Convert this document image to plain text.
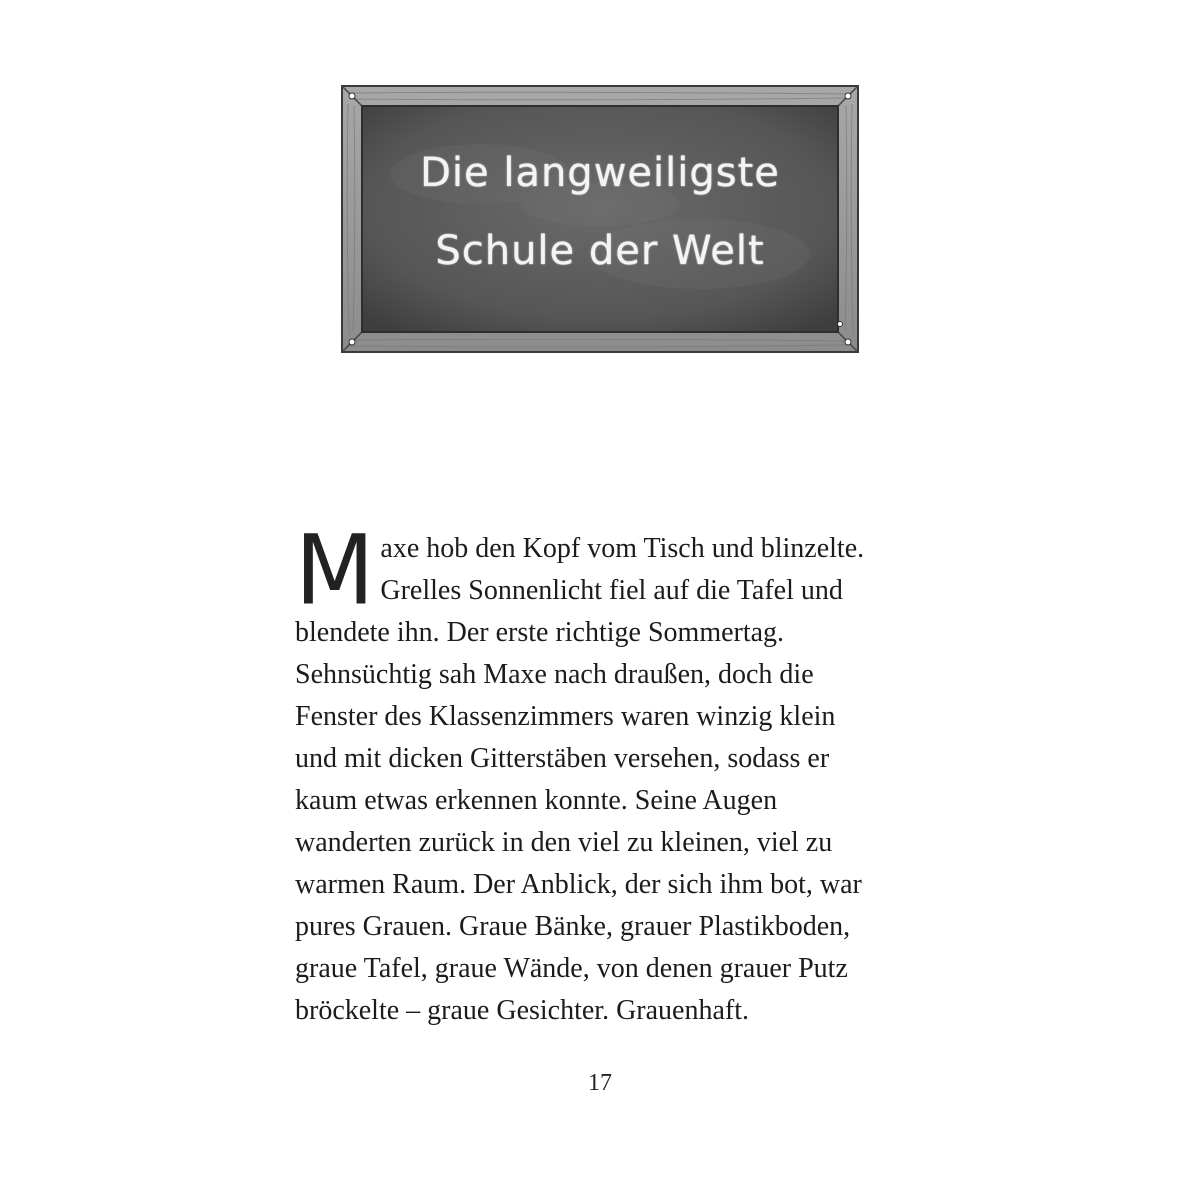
Die langweiligste
Schule der Welt
M axe hob den Kopf vom Tisch und blinzelte.
Grelles Sonnenlicht fiel auf die Tafel und
blendete ihn. Der erste richtige Sommertag.
Sehnsüchtig sah Maxe nach draußen, doch die
Fenster des Klassenzimmers waren winzig klein
und mit dicken Gitterstäben versehen, sodass er
kaum etwas erkennen konnte. Seine Augen
wanderten zurück in den viel zu kleinen, viel zu
warmen Raum. Der Anblick, der sich ihm bot, war
pures Grauen. Graue Bänke, grauer Plastikboden,
graue Tafel, graue Wände, von denen grauer Putz
bröckelte – graue Gesichter. Grauenhaft.
17
